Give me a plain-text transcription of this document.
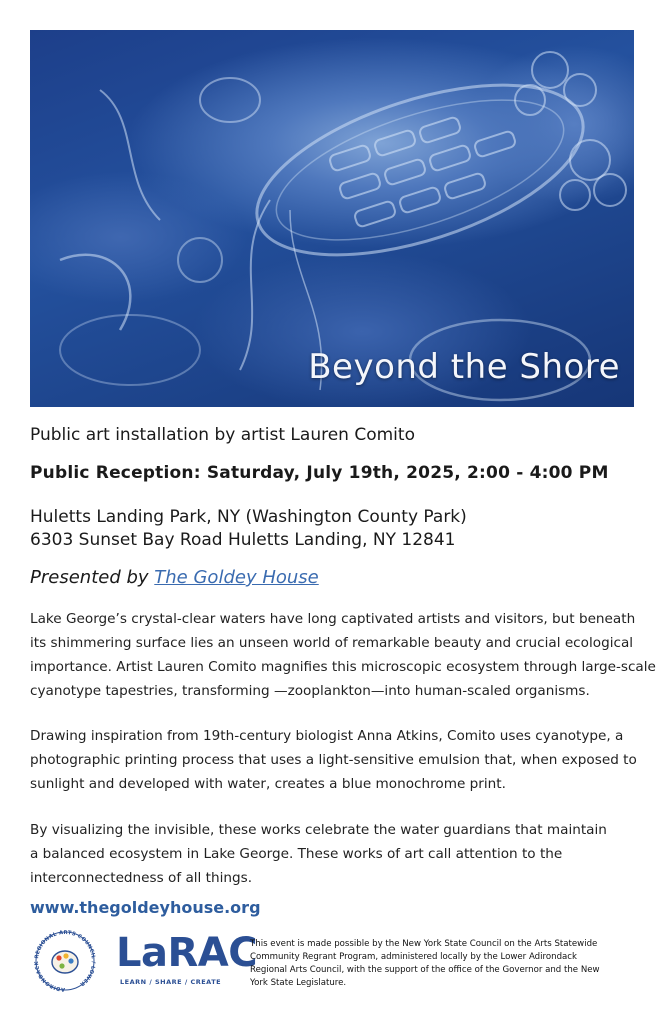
Beyond the Shore
Public art installation by artist Lauren Comito
Public Reception: Saturday, July 19th, 2025, 2:00 - 4:00 PM
Huletts Landing Park, NY (Washington County Park)
6303 Sunset Bay Road Huletts Landing, NY 12841
Presented by The Goldey House
Lake George’s crystal-clear waters have long captivated artists and visitors, but beneath
its shimmering surface lies an unseen world of remarkable beauty and crucial ecological
importance. Artist Lauren Comito magnifies this microscopic ecosystem through large-scale
cyanotype tapestries, transforming —zooplankton—into human-scaled organisms.
Drawing inspiration from 19th-century biologist Anna Atkins, Comito uses cyanotype, a
photographic printing process that uses a light-sensitive emulsion that, when exposed to
sunlight and developed with water, creates a blue monochrome print.
By visualizing the invisible, these works celebrate the water guardians that maintain
a balanced ecosystem in Lake George. These works of art call attention to the
interconnectedness of all things.
www.thegoldeyhouse.org
ADIRONDACK REGIONAL ARTS COUNCIL / LOWER
LaRAC
LEARN / SHARE / CREATE
This event is made possible by the New York State Council on the Arts Statewide
Community Regrant Program, administered locally by the Lower Adirondack
Regional Arts Council, with the support of the office of the Governor and the New
York State Legislature.
